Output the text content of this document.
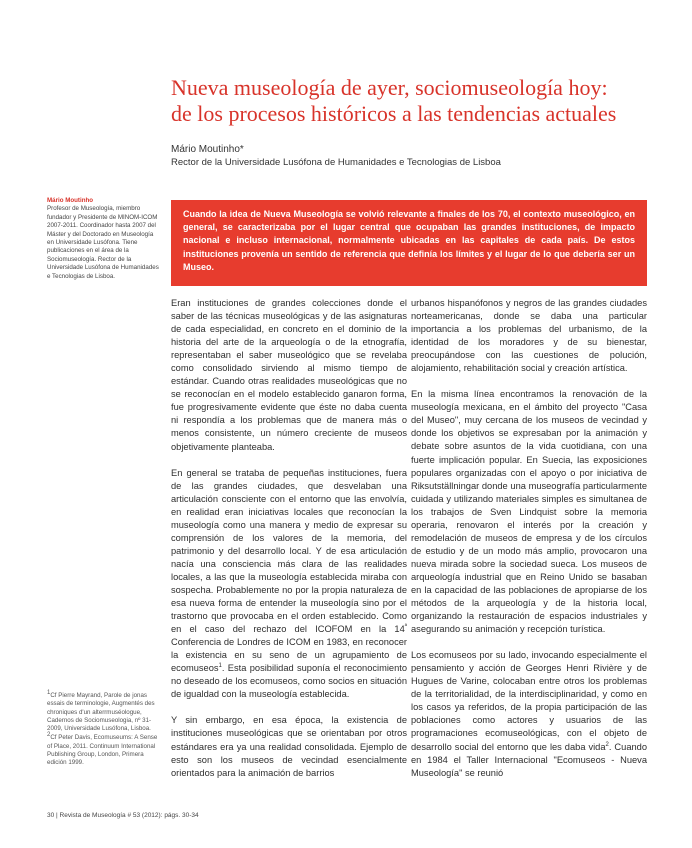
Nueva museología de ayer, sociomuseología hoy:
de los procesos históricos a las tendencias actuales
Mário Moutinho*
Rector de la Universidade Lusófona de Humanidades e Tecnologias de Lisboa
Mário Moutinho
Profesor de Museología, miembro fundador y Presidente de MINOM-ICOM 2007-2011. Coordinador hasta 2007 del Máster y del Doctorado en Museología en Universidade Lusófona. Tiene publicaciones en el área de la Sociomuseología. Rector de la Universidade Lusófona de Humanidades e Tecnologias de Lisboa.
Cuando la idea de Nueva Museología se volvió relevante a finales de los 70, el contexto museológico, en general, se caracterizaba por el lugar central que ocupaban las grandes instituciones, de impacto nacional e incluso internacional, normalmente ubicadas en las capitales de cada país. De estos instituciones provenía un sentido de referencia que definía los límites y el lugar de lo que debería ser un Museo.

Eran instituciones de grandes colecciones donde el saber de las técnicas museológicas y de las asignaturas de cada especialidad, en concreto en el dominio de la historia del arte de la arqueología o de la etnografía, representaban el saber museológico que se revelaba como consolidado sirviendo al mismo tiempo de estándar. Cuando otras realidades museológicas que no se reconocían en el modelo establecido ganaron forma, fue progresivamente evidente que éste no daba cuenta ni respondía a los problemas que de manera más o menos consistente, un número creciente de museos objetivamente planteaba.

En general se trataba de pequeñas instituciones, fuera de las grandes ciudades, que desvelaban una articulación consciente con el entorno que las envolvía, en realidad eran iniciativas locales que reconocían la museología como una manera y medio de expresar su comprensión de los valores de la memoria, del patrimonio y del desarrollo local. Y de esa articulación nacía una consciencia más clara de las realidades locales, a las que la museología establecida miraba con sospecha. Probablemente no por la propia naturaleza de esa nueva forma de entender la museología sino por el trastorno que provocaba en el orden establecido. Como en el caso del rechazo del ICOFOM en la $14^ª$ Conferencia de Londres de ICOM en 1983, en reconocer la existencia en su seno de un agrupamiento de ecomuseos$^1$. Esta posibilidad suponía el reconocimiento no deseado de los ecomuseos, como socios en situación de igualdad con la museología establecida.

Y sin embargo, en esa época, la existencia de instituciones museológicas que se orientaban por otros estándares era ya una realidad consolidada. Ejemplo de esto son los museos de vecindad esencialmente orientados para la animación de barrios

urbanos hispanófonos y negros de las grandes ciudades norteamericanas, donde se daba una particular importancia a los problemas del urbanismo, de la identidad de los moradores y de su bienestar, preocupándose con las cuestiones de polución, alojamiento, rehabilitación social y creación artística.

En la misma línea encontramos la renovación de la museología mexicana, en el ámbito del proyecto "Casa del Museo", muy cercana de los museos de vecindad y donde los objetivos se expresaban por la animación y debate sobre asuntos de la vida cuotidiana, con una fuerte implicación popular. En Suecia, las exposiciones populares organizadas con el apoyo o por iniciativa de Riksutställningar donde una museografía particularmente cuidada y utilizando materiales simples es simultanea de los trabajos de Sven Lindquist sobre la memoria operaria, renovaron el interés por la creación y remodelación de museos de empresa y de los círculos de estudio y de un modo más amplio, provocaron una nueva mirada sobre la sociedad sueca. Los museos de arqueología industrial que en Reino Unido se basaban en la capacidad de las poblaciones de apropiarse de los métodos de la arqueología y de la historia local, organizando la restauración de espacios industriales y asegurando su animación y recepción turística.

Los ecomuseos por su lado, invocando especialmente el pensamiento y acción de Georges Henri Rivière y de Hugues de Varine, colocaban entre otros los problemas de la territorialidad, de la interdisciplinaridad, y como en los casos ya referidos, de la propia participación de las poblaciones como actores y usuarios de las programaciones ecomuseológicas, con el objeto de desarrollo social del entorno que les daba vida$^2$. Cuando en 1984 el Taller Internacional "Ecomuseos - Nueva Museología" se reunió

$^1$Cf Pierre Mayrand, Parole de jonas essais de terminologie, Augmentés des chroniques d'un alterrmuséologue, Cadernos de Sociomuseologia, nº 31-2009, Universidade Lusófona, Lisboa.

$^2$Cf Peter Davis, Ecomuseums: A Sense of Place, 2011. Continuum International Publishing Group, London, Primera edición 1999.

30 | Revista de Museología # 53 (2012): págs. 30-34
